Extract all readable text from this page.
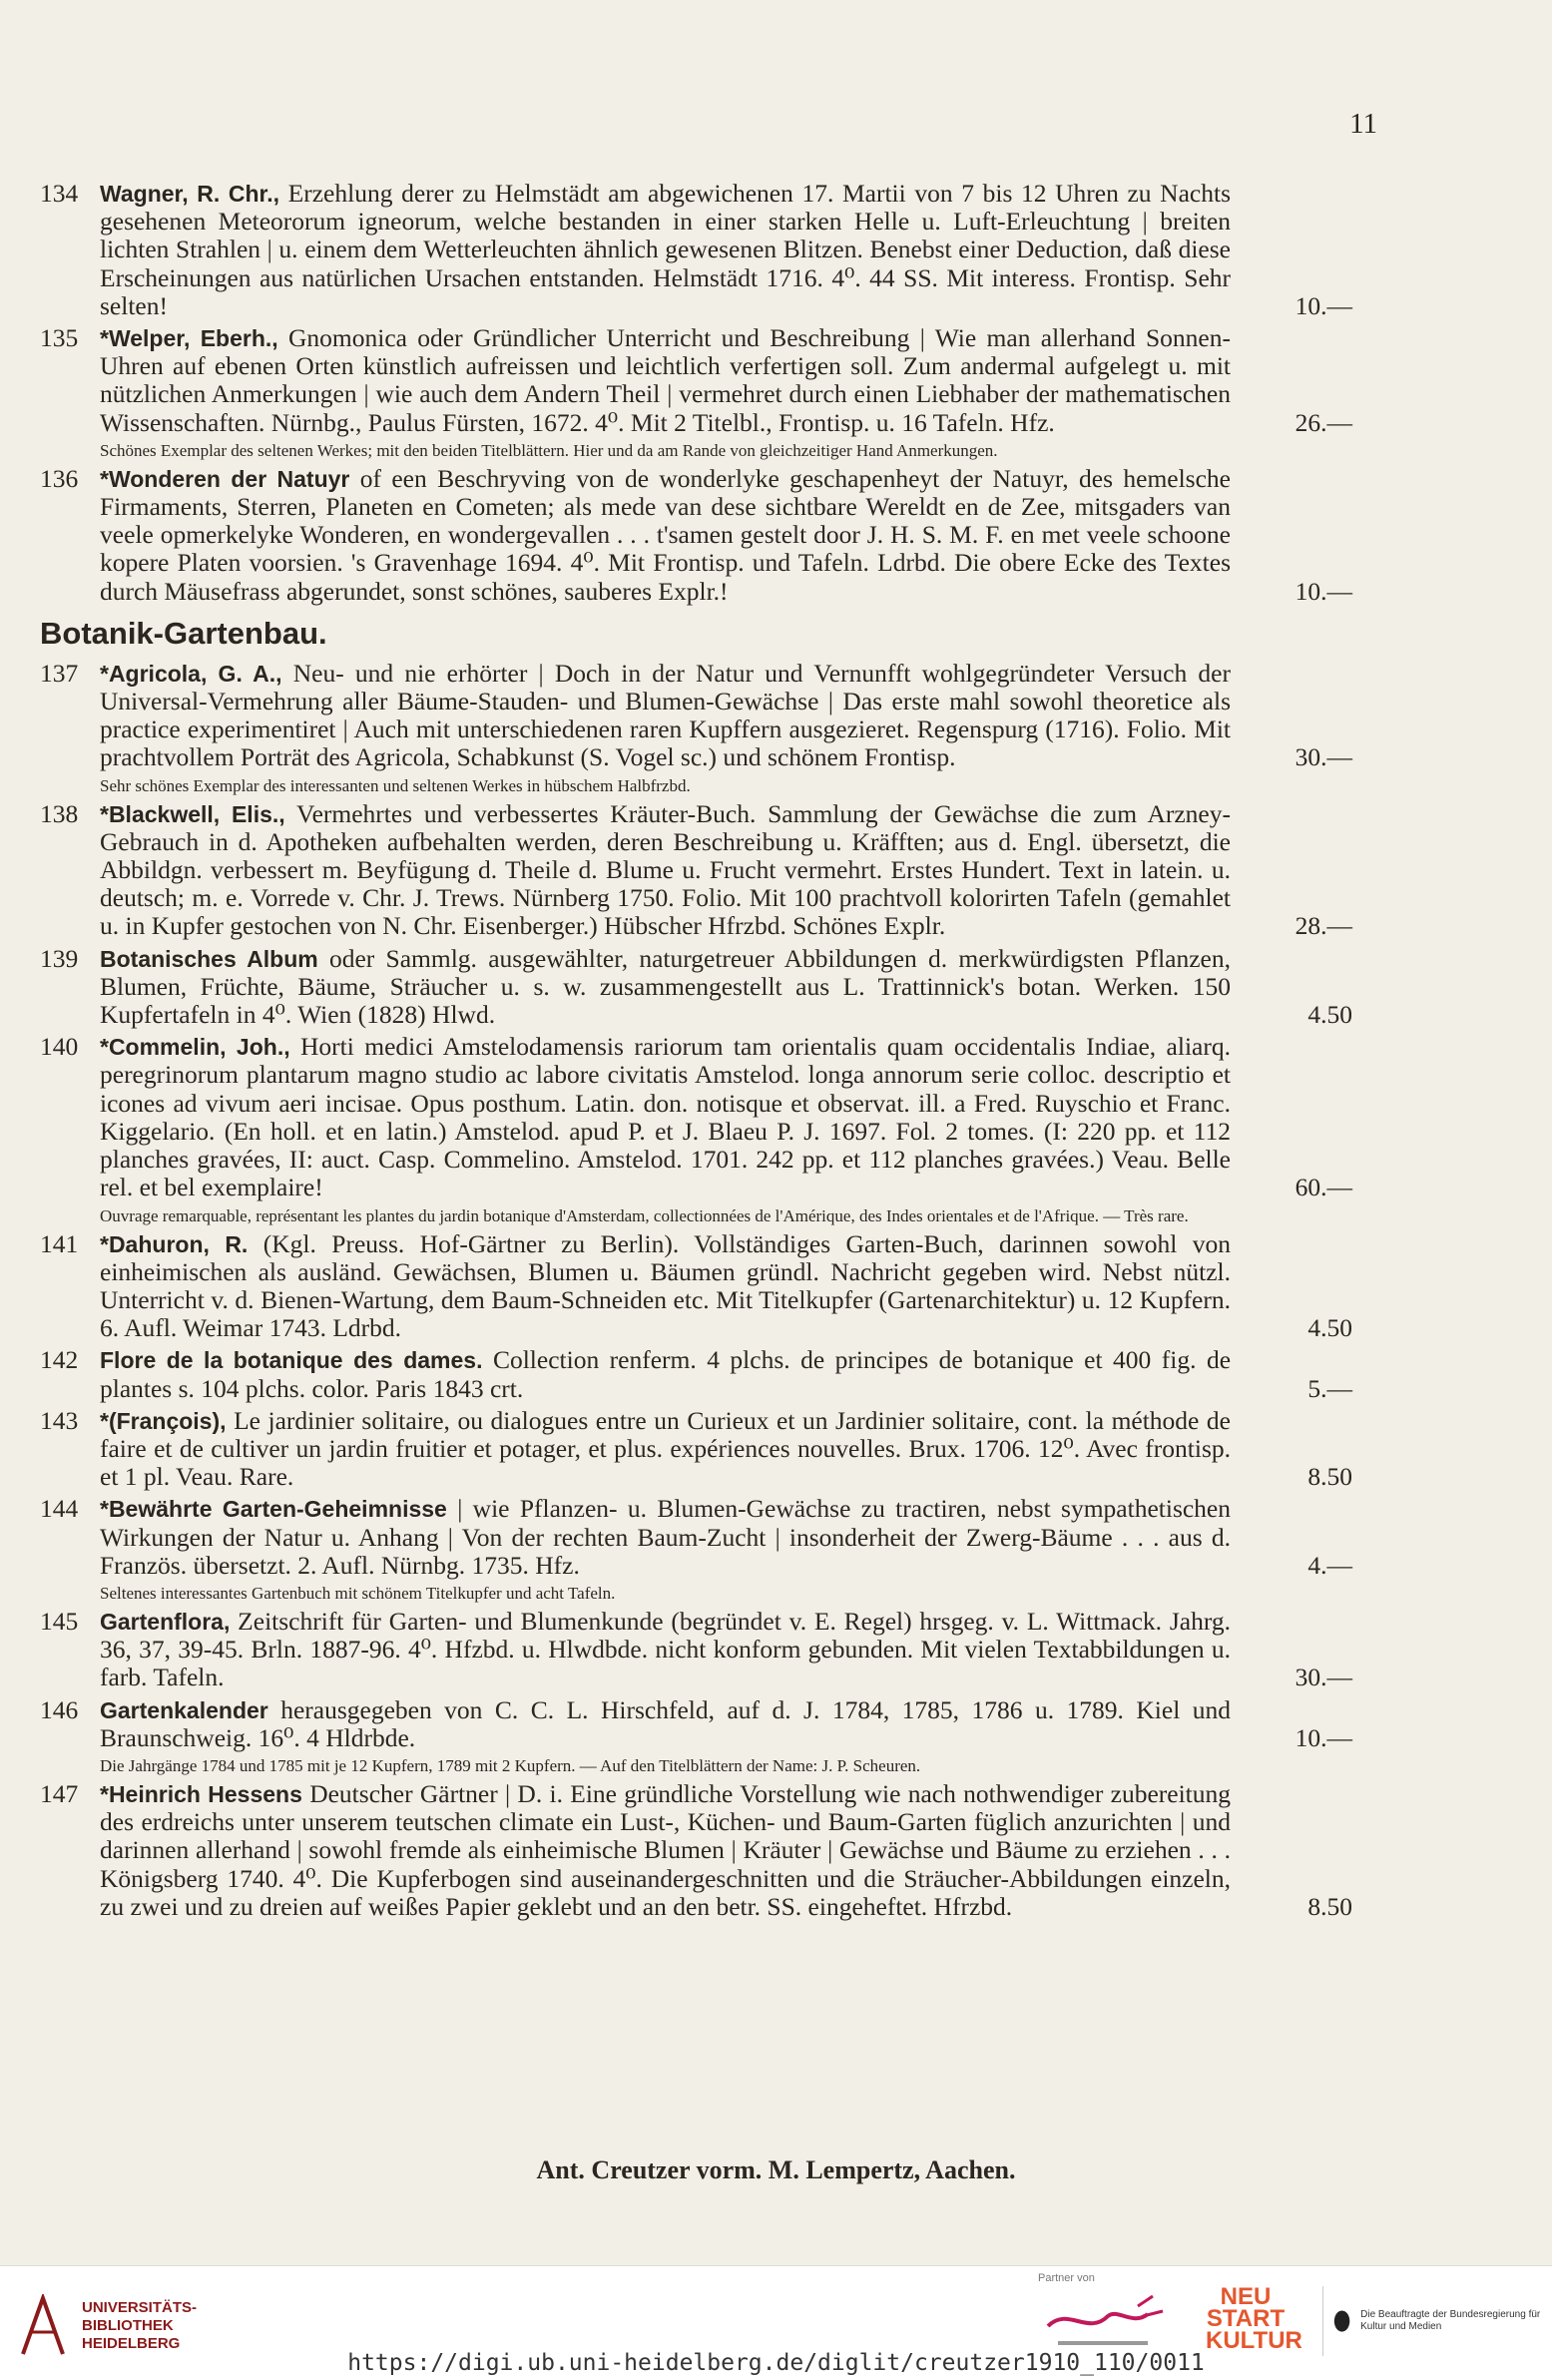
11
134 Wagner, R. Chr., Erzehlung derer zu Helmstädt am abgewichenen 17. Martii von 7 bis 12 Uhren zu Nachts gesehenen Meteororum igneorum, welche bestanden in einer starken Helle u. Luft-Erleuchtung | breiten lichten Strahlen | u. einem dem Wetterleuchten ähnlich gewesenen Blitzen. Benebst einer Deduction, daß diese Erscheinungen aus natürlichen Ursachen entstanden. Helmstädt 1716. 4⁰. 44 SS. Mit interess. Frontisp. Sehr selten!	10.—
135 *Welper, Eberh., Gnomonica oder Gründlicher Unterricht und Beschreibung | Wie man allerhand Sonnen-Uhren auf ebenen Orten künstlich aufreissen und leichtlich verfertigen soll. Zum andermal aufgelegt u. mit nützlichen Anmerkungen | wie auch dem Andern Theil | vermehret durch einen Liebhaber der mathematischen Wissenschaften. Nürnbg., Paulus Fürsten, 1672. 4⁰. Mit 2 Titelbl., Frontisp. u. 16 Tafeln. Hfz.	26.—
Schönes Exemplar des seltenen Werkes; mit den beiden Titelblättern. Hier und da am Rande von gleichzeitiger Hand Anmerkungen.
136 *Wonderen der Natuyr of een Beschryving von de wonderlyke geschapenheyt der Natuyr, des hemelsche Firmaments, Sterren, Planeten en Cometen; als mede van dese sichtbare Wereldt en de Zee, mitsgaders van veele opmerkelyke Wonderen, en wondergevallen . . . t'samen gestelt door J. H. S. M. F. en met veele schoone kopere Platen voorsien. 's Gravenhage 1694. 4⁰. Mit Frontisp. und Tafeln. Ldrbd. Die obere Ecke des Textes durch Mäusefrass abgerundet, sonst schönes, sauberes Explr.!	10.—
Botanik-Gartenbau.
137 *Agricola, G. A., Neu- und nie erhörter | Doch in der Natur und Vernunfft wohlgegründeter Versuch der Universal-Vermehrung aller Bäume-Stauden- und Blumen-Gewächse | Das erste mahl sowohl theoretice als practice experimentiret | Auch mit unterschiedenen raren Kupffern ausgezieret. Regenspurg (1716). Folio. Mit prachtvollem Porträt des Agricola, Schabkunst (S. Vogel sc.) und schönem Frontisp.	30.—
Sehr schönes Exemplar des interessanten und seltenen Werkes in hübschem Halbfrzbd.
138 *Blackwell, Elis., Vermehrtes und verbessertes Kräuter-Buch. Sammlung der Gewächse die zum Arzney-Gebrauch in d. Apotheken aufbehalten werden, deren Beschreibung u. Kräfften; aus d. Engl. übersetzt, die Abbildgn. verbessert m. Beyfügung d. Theile d. Blume u. Frucht vermehrt. Erstes Hundert. Text in latein. u. deutsch; m. e. Vorrede v. Chr. J. Trews. Nürnberg 1750. Folio. Mit 100 prachtvoll kolorirten Tafeln (gemahlet u. in Kupfer gestochen von N. Chr. Eisenberger.) Hübscher Hfrzbd. Schönes Explr.	28.—
139 Botanisches Album oder Sammlg. ausgewählter, naturgetreuer Abbildungen d. merkwürdigsten Pflanzen, Blumen, Früchte, Bäume, Sträucher u. s. w. zusammengestellt aus L. Trattinnick's botan. Werken. 150 Kupfertafeln in 4⁰. Wien (1828) Hlwd.	4.50
140 *Commelin, Joh., Horti medici Amstelodamensis rariorum tam orientalis quam occidentalis Indiae, aliarq. peregrinorum plantarum magno studio ac labore civitatis Amstelod. longa annorum serie colloc. descriptio et icones ad vivum aeri incisae. Opus posthum. Latin. don. notisque et observat. ill. a Fred. Ruyschio et Franc. Kiggelario. (En holl. et en latin.) Amstelod. apud P. et J. Blaeu P. J. 1697. Fol. 2 tomes. (I: 220 pp. et 112 planches gravées, II: auct. Casp. Commelino. Amstelod. 1701. 242 pp. et 112 planches gravées.) Veau. Belle rel. et bel exemplaire!	60.—
Ouvrage remarquable, représentant les plantes du jardin botanique d'Amsterdam, collectionnées de l'Amérique, des Indes orientales et de l'Afrique. — Très rare.
141 *Dahuron, R. (Kgl. Preuss. Hof-Gärtner zu Berlin). Vollständiges Garten-Buch, darinnen sowohl von einheimischen als ausländ. Gewächsen, Blumen u. Bäumen gründl. Nachricht gegeben wird. Nebst nützl. Unterricht v. d. Bienen-Wartung, dem Baum-Schneiden etc. Mit Titelkupfer (Gartenarchitektur) u. 12 Kupfern. 6. Aufl. Weimar 1743. Ldrbd.	4.50
142 Flore de la botanique des dames. Collection renferm. 4 plchs. de principes de botanique et 400 fig. de plantes s. 104 plchs. color. Paris 1843 crt.	5.—
143 *(François), Le jardinier solitaire, ou dialogues entre un Curieux et un Jardinier solitaire, cont. la méthode de faire et de cultiver un jardin fruitier et potager, et plus. expériences nouvelles. Brux. 1706. 12⁰. Avec frontisp. et 1 pl. Veau. Rare.	8.50
144 *Bewährte Garten-Geheimnisse | wie Pflanzen- u. Blumen-Gewächse zu tractiren, nebst sympathetischen Wirkungen der Natur u. Anhang | Von der rechten Baum-Zucht | insonderheit der Zwerg-Bäume . . . aus d. Französ. übersetzt. 2. Aufl. Nürnbg. 1735. Hfz.	4.—
Seltenes interessantes Gartenbuch mit schönem Titelkupfer und acht Tafeln.
145 Gartenflora, Zeitschrift für Garten- und Blumenkunde (begründet v. E. Regel) hrsgeg. v. L. Wittmack. Jahrg. 36, 37, 39-45. Brln. 1887-96. 4⁰. Hfzbd. u. Hlwdbde. nicht konform gebunden. Mit vielen Textabbildungen u. farb. Tafeln.	30.—
146 Gartenkalender herausgegeben von C. C. L. Hirschfeld, auf d. J. 1784, 1785, 1786 u. 1789. Kiel und Braunschweig. 16⁰. 4 Hldrbde.	10.—
Die Jahrgänge 1784 und 1785 mit je 12 Kupfern, 1789 mit 2 Kupfern. — Auf den Titelblättern der Name: J. P. Scheuren.
147 *Heinrich Hessens Deutscher Gärtner | D. i. Eine gründliche Vorstellung wie nach nothwendiger zubereitung des erdreichs unter unserem teutschen climate ein Lust-, Küchen- und Baum-Garten füglich anzurichten | und darinnen allerhand | sowohl fremde als einheimische Blumen | Kräuter | Gewächse und Bäume zu erziehen . . . Königsberg 1740. 4⁰. Die Kupferbogen sind auseinandergeschnitten und die Sträucher-Abbildungen einzeln, zu zwei und zu dreien auf weißes Papier geklebt und an den betr. SS. eingeheftet. Hfrzbd.	8.50
Ant. Creutzer vorm. M. Lempertz, Aachen.
UNIVERSITÄTS-
BIBLIOTHEK
HEIDELBERG
Partner von
NEU
START
KULTUR
Die Beauftragte der Bundesregierung für Kultur und Medien
https://digi.ub.uni-heidelberg.de/diglit/creutzer1910_110/0011
